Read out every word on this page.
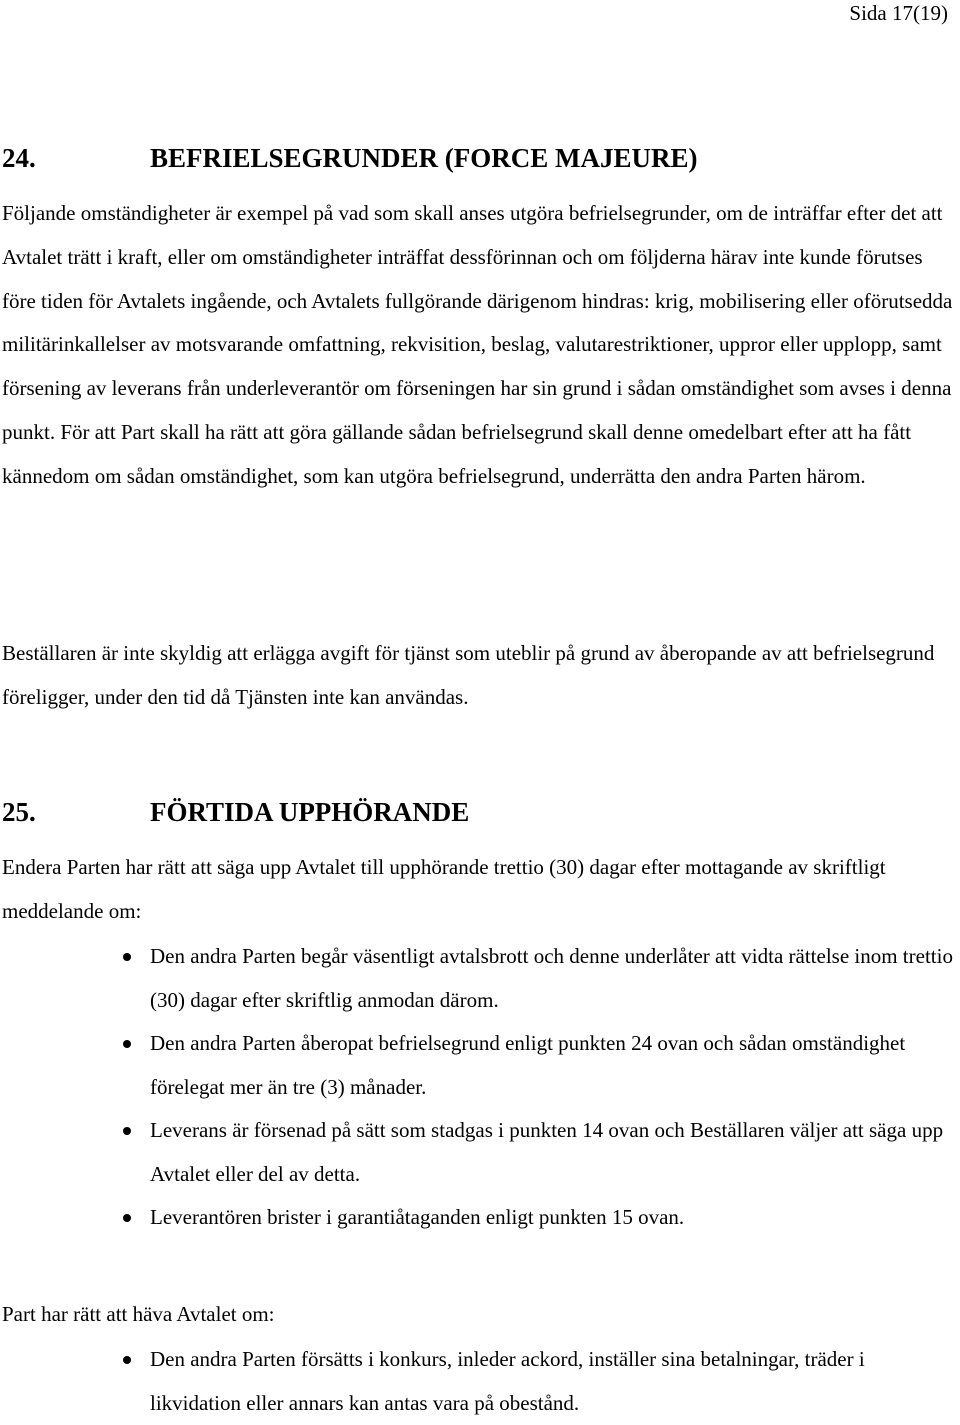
Sida 17(19)
24.	BEFRIELSEGRUNDER (FORCE MAJEURE)

Följande omständigheter är exempel på vad som skall anses utgöra befrielsegrunder, om de inträffar efter det att Avtalet trätt i kraft, eller om omständigheter inträffat dessförinnan och om följderna härav inte kunde förutses före tiden för Avtalets ingående, och Avtalets fullgörande därigenom hindras: krig, mobilisering eller oförutsedda militärinkallelser av motsvarande omfattning, rekvisition, beslag, valutarestriktioner, uppror eller upplopp, samt försening av leverans från underleverantör om förseningen har sin grund i sådan omständighet som avses i denna punkt. För att Part skall ha rätt att göra gällande sådan befrielsegrund skall denne omedelbart efter att ha fått kännedom om sådan omständighet, som kan utgöra befrielsegrund, underrätta den andra Parten härom.

Beställaren är inte skyldig att erlägga avgift för tjänst som uteblir på grund av åberopande av att befrielsegrund föreligger, under den tid då Tjänsten inte kan användas.

25.	FÖRTIDA UPPHÖRANDE

Endera Parten har rätt att säga upp Avtalet till upphörande trettio (30) dagar efter mottagande av skriftligt meddelande om:

Den andra Parten begår väsentligt avtalsbrott och denne underlåter att vidta rättelse inom trettio (30) dagar efter skriftlig anmodan därom.
Den andra Parten åberopat befrielsegrund enligt punkten 24 ovan och sådan omständighet förelegat mer än tre (3) månader.
Leverans är försenad på sätt som stadgas i punkten 14 ovan och Beställaren väljer att säga upp Avtalet eller del av detta.
Leverantören brister i garantiåtaganden enligt punkten 15 ovan.

Part har rätt att häva Avtalet om:

Den andra Parten försätts i konkurs, inleder ackord, inställer sina betalningar, träder i likvidation eller annars kan antas vara på obestånd.
